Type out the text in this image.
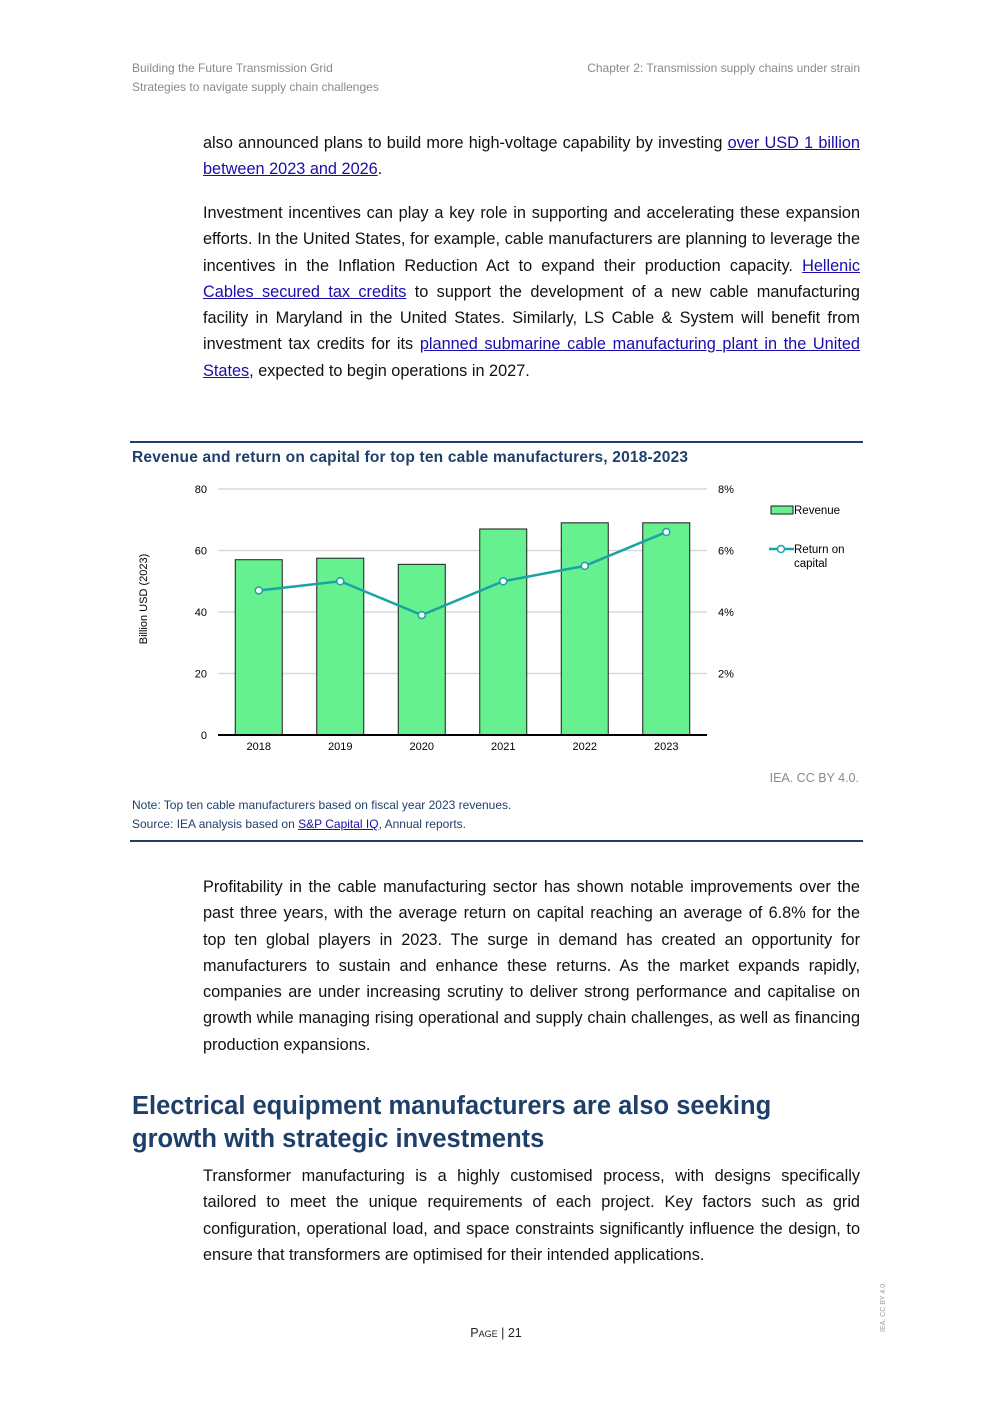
Building the Future Transmission Grid
Strategies to navigate supply chain challenges
Chapter 2: Transmission supply chains under strain
also announced plans to build more high-voltage capability by investing over USD 1 billion between 2023 and 2026.
Investment incentives can play a key role in supporting and accelerating these expansion efforts. In the United States, for example, cable manufacturers are planning to leverage the incentives in the Inflation Reduction Act to expand their production capacity. Hellenic Cables secured tax credits to support the development of a new cable manufacturing facility in Maryland in the United States. Similarly, LS Cable & System will benefit from investment tax credits for its planned submarine cable manufacturing plant in the United States, expected to begin operations in 2027.
Revenue and return on capital for top ten cable manufacturers, 2018-2023
0
20
40
60
80
2%
4%
6%
8%
Billion USD (2023)
2018	2019	2020	2021	2022	2023
Revenue
Return on
capital
IEA. CC BY 4.0.
Note: Top ten cable manufacturers based on fiscal year 2023 revenues.
Source: IEA analysis based on S&P Capital IQ, Annual reports.
Profitability in the cable manufacturing sector has shown notable improvements over the past three years, with the average return on capital reaching an average of 6.8% for the top ten global players in 2023. The surge in demand has created an opportunity for manufacturers to sustain and enhance these returns. As the market expands rapidly, companies are under increasing scrutiny to deliver strong performance and capitalise on growth while managing rising operational and supply chain challenges, as well as financing production expansions.
Electrical equipment manufacturers are also seeking growth with strategic investments
Transformer manufacturing is a highly customised process, with designs specifically tailored to meet the unique requirements of each project. Key factors such as grid configuration, operational load, and space constraints significantly influence the design, to ensure that transformers are optimised for their intended applications.
Page | 21
IEA. CC BY 4.0.
